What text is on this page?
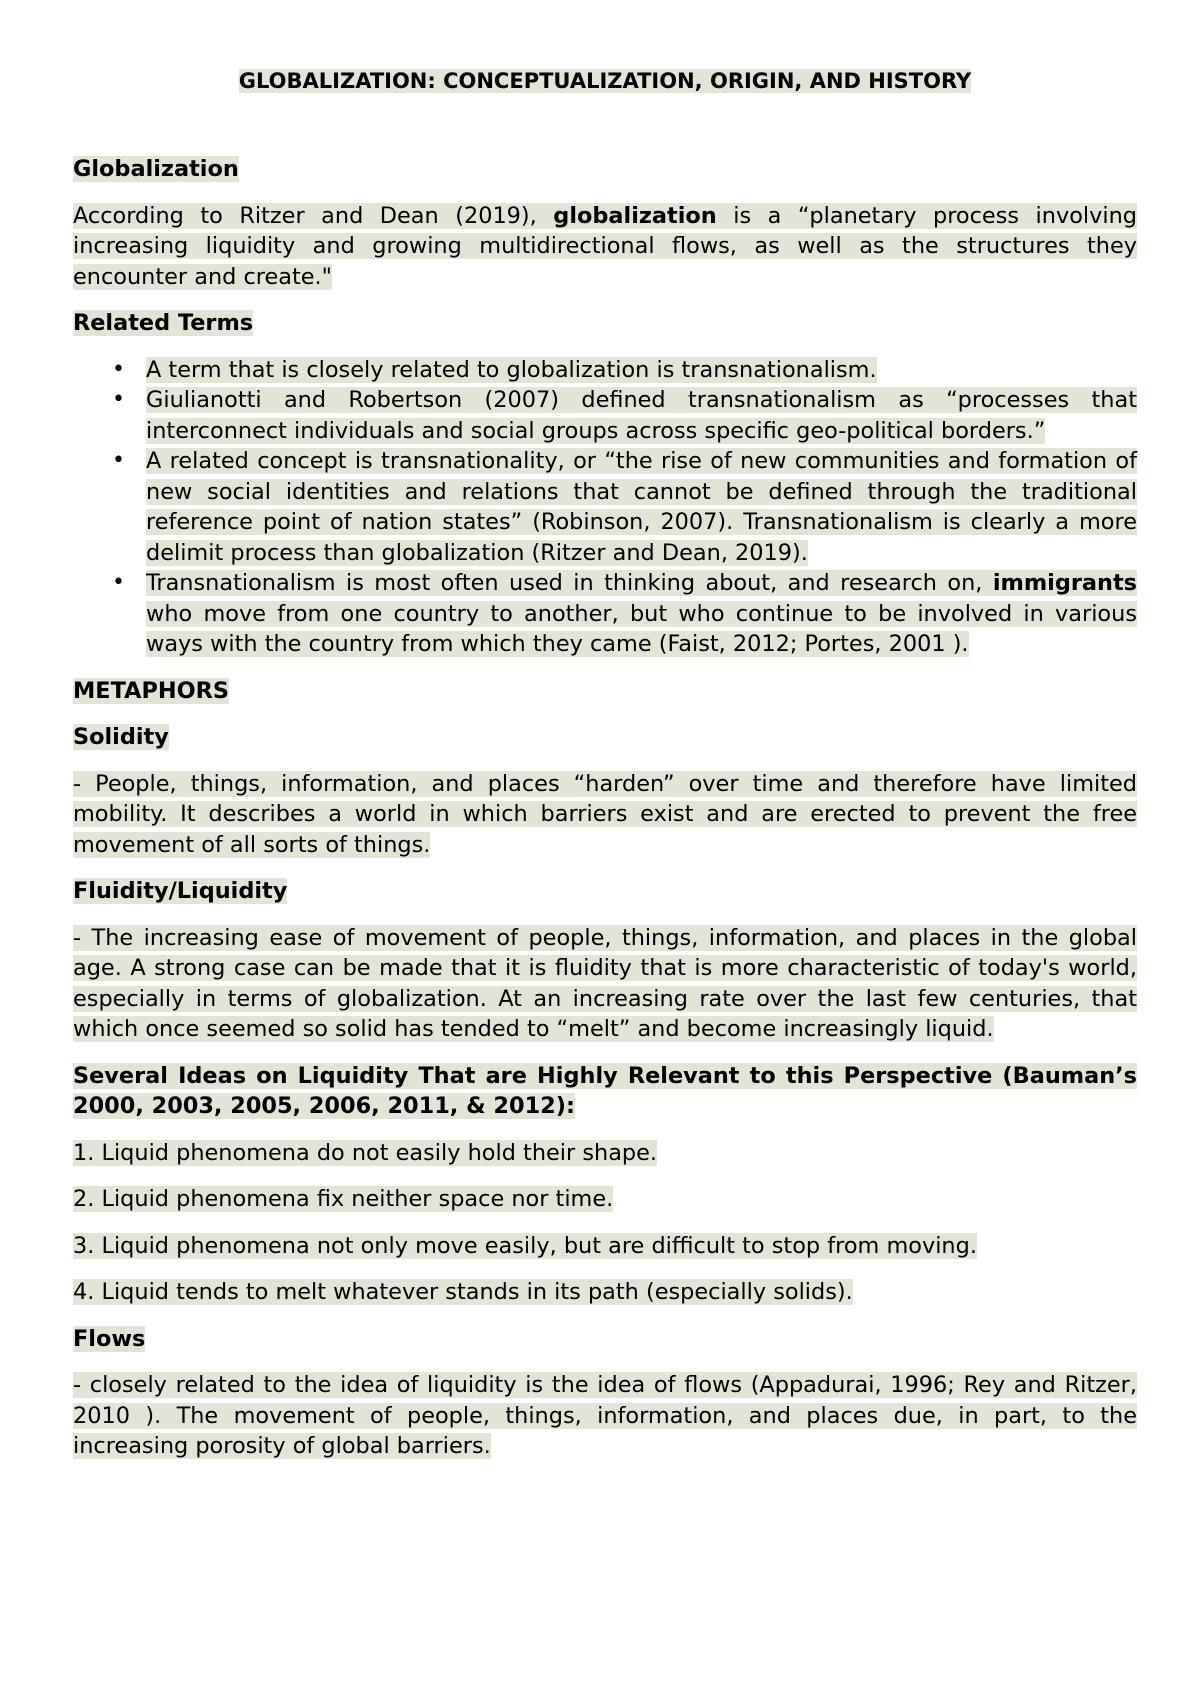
GLOBALIZATION: CONCEPTUALIZATION, ORIGIN, AND HISTORY
Globalization
According to Ritzer and Dean (2019), globalization is a “planetary process involving increasing liquidity and growing multidirectional flows, as well as the structures they encounter and create."
Related Terms
• A term that is closely related to globalization is transnationalism.
• Giulianotti and Robertson (2007) defined transnationalism as “processes that interconnect individuals and social groups across specific geo-political borders.”
• A related concept is transnationality, or “the rise of new communities and formation of new social identities and relations that cannot be defined through the traditional reference point of nation states” (Robinson, 2007). Transnationalism is clearly a more delimit process than globalization (Ritzer and Dean, 2019).
• Transnationalism is most often used in thinking about, and research on, immigrants who move from one country to another, but who continue to be involved in various ways with the country from which they came (Faist, 2012; Portes, 2001 ).
METAPHORS
Solidity
- People, things, information, and places “harden” over time and therefore have limited mobility. It describes a world in which barriers exist and are erected to prevent the free movement of all sorts of things.
Fluidity/Liquidity
- The increasing ease of movement of people, things, information, and places in the global age. A strong case can be made that it is fluidity that is more characteristic of today's world, especially in terms of globalization. At an increasing rate over the last few centuries, that which once seemed so solid has tended to “melt” and become increasingly liquid.
Several Ideas on Liquidity That are Highly Relevant to this Perspective (Bauman’s 2000, 2003, 2005, 2006, 2011, & 2012):
1. Liquid phenomena do not easily hold their shape.
2. Liquid phenomena fix neither space nor time.
3. Liquid phenomena not only move easily, but are difficult to stop from moving.
4. Liquid tends to melt whatever stands in its path (especially solids).
Flows
- closely related to the idea of liquidity is the idea of flows (Appadurai, 1996; Rey and Ritzer, 2010 ). The movement of people, things, information, and places due, in part, to the increasing porosity of global barriers.
